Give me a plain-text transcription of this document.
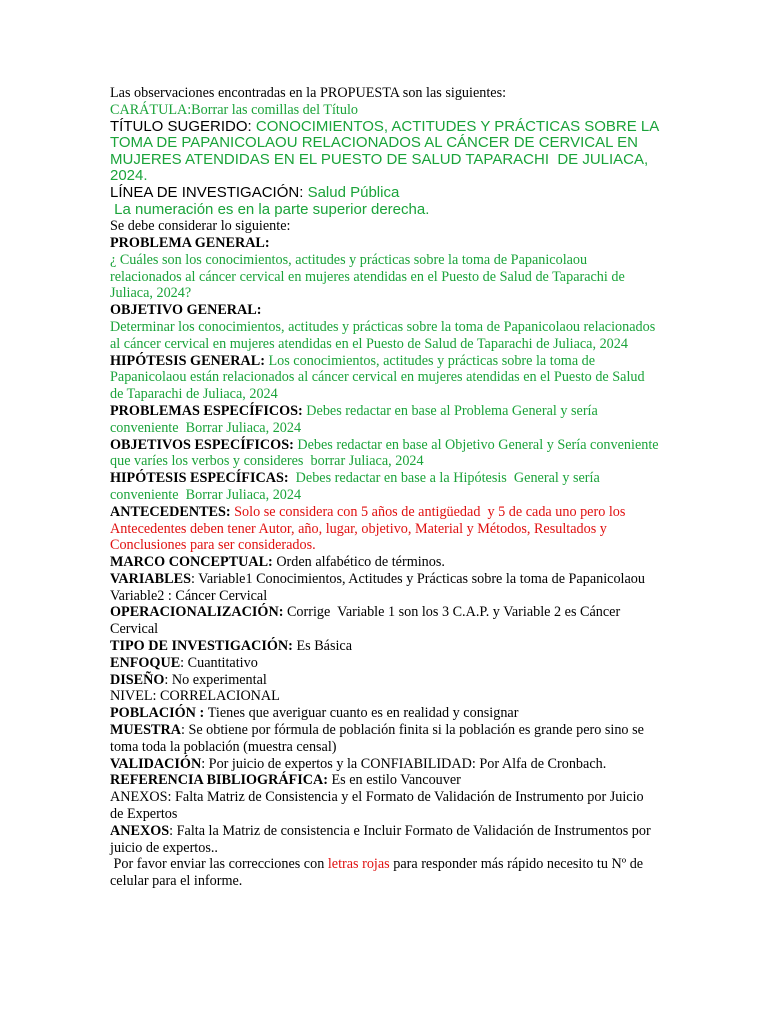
Las observaciones encontradas en la PROPUESTA son las siguientes:

CARÁTULA:Borrar las comillas del Título

TÍTULO SUGERIDO: CONOCIMIENTOS, ACTITUDES Y PRÁCTICAS SOBRE LA TOMA DE PAPANICOLAOU RELACIONADOS AL CÁNCER DE CERVICAL EN MUJERES ATENDIDAS EN EL PUESTO DE SALUD TAPARACHI  DE JULIACA, 2024.

LÍNEA DE INVESTIGACIÓN: Salud Pública

La numeración es en la parte superior derecha.

Se debe considerar lo siguiente:

PROBLEMA GENERAL:

¿ Cuáles son los conocimientos, actitudes y prácticas sobre la toma de Papanicolaou relacionados al cáncer cervical en mujeres atendidas en el Puesto de Salud de Taparachi de Juliaca, 2024?

OBJETIVO GENERAL:

Determinar los conocimientos, actitudes y prácticas sobre la toma de Papanicolaou relacionados al cáncer cervical en mujeres atendidas en el Puesto de Salud de Taparachi de Juliaca, 2024

HIPÓTESIS GENERAL: Los conocimientos, actitudes y prácticas sobre la toma de Papanicolaou están relacionados al cáncer cervical en mujeres atendidas en el Puesto de Salud de Taparachi de Juliaca, 2024

PROBLEMAS ESPECÍFICOS: Debes redactar en base al Problema General y sería conveniente  Borrar Juliaca, 2024

OBJETIVOS ESPECÍFICOS: Debes redactar en base al Objetivo General y Sería conveniente que varíes los verbos y consideres  borrar Juliaca, 2024

HIPÓTESIS ESPECÍFICAS:  Debes redactar en base a la Hipótesis  General y sería conveniente  Borrar Juliaca, 2024

ANTECEDENTES: Solo se considera con 5 años de antigüedad  y 5 de cada uno pero los Antecedentes deben tener Autor, año, lugar, objetivo, Material y Métodos, Resultados y Conclusiones para ser considerados.

MARCO CONCEPTUAL: Orden alfabético de términos.

VARIABLES: Variable1 Conocimientos, Actitudes y Prácticas sobre la toma de Papanicolaou

Variable2 : Cáncer Cervical

OPERACIONALIZACIÓN: Corrige  Variable 1 son los 3 C.A.P. y Variable 2 es Cáncer Cervical

TIPO DE INVESTIGACIÓN: Es Básica

ENFOQUE: Cuantitativo

DISEÑO: No experimental

NIVEL: CORRELACIONAL

POBLACIÓN : Tienes que averiguar cuanto es en realidad y consignar

MUESTRA: Se obtiene por fórmula de población finita si la población es grande pero sino se toma toda la población (muestra censal)

VALIDACIÓN: Por juicio de expertos y la CONFIABILIDAD: Por Alfa de Cronbach.

REFERENCIA BIBLIOGRÁFICA: Es en estilo Vancouver

ANEXOS: Falta Matriz de Consistencia y el Formato de Validación de Instrumento por Juicio de Expertos

ANEXOS: Falta la Matriz de consistencia e Incluir Formato de Validación de Instrumentos por juicio de expertos..

Por favor enviar las correcciones con letras rojas para responder más rápido necesito tu Nº de celular para el informe.
